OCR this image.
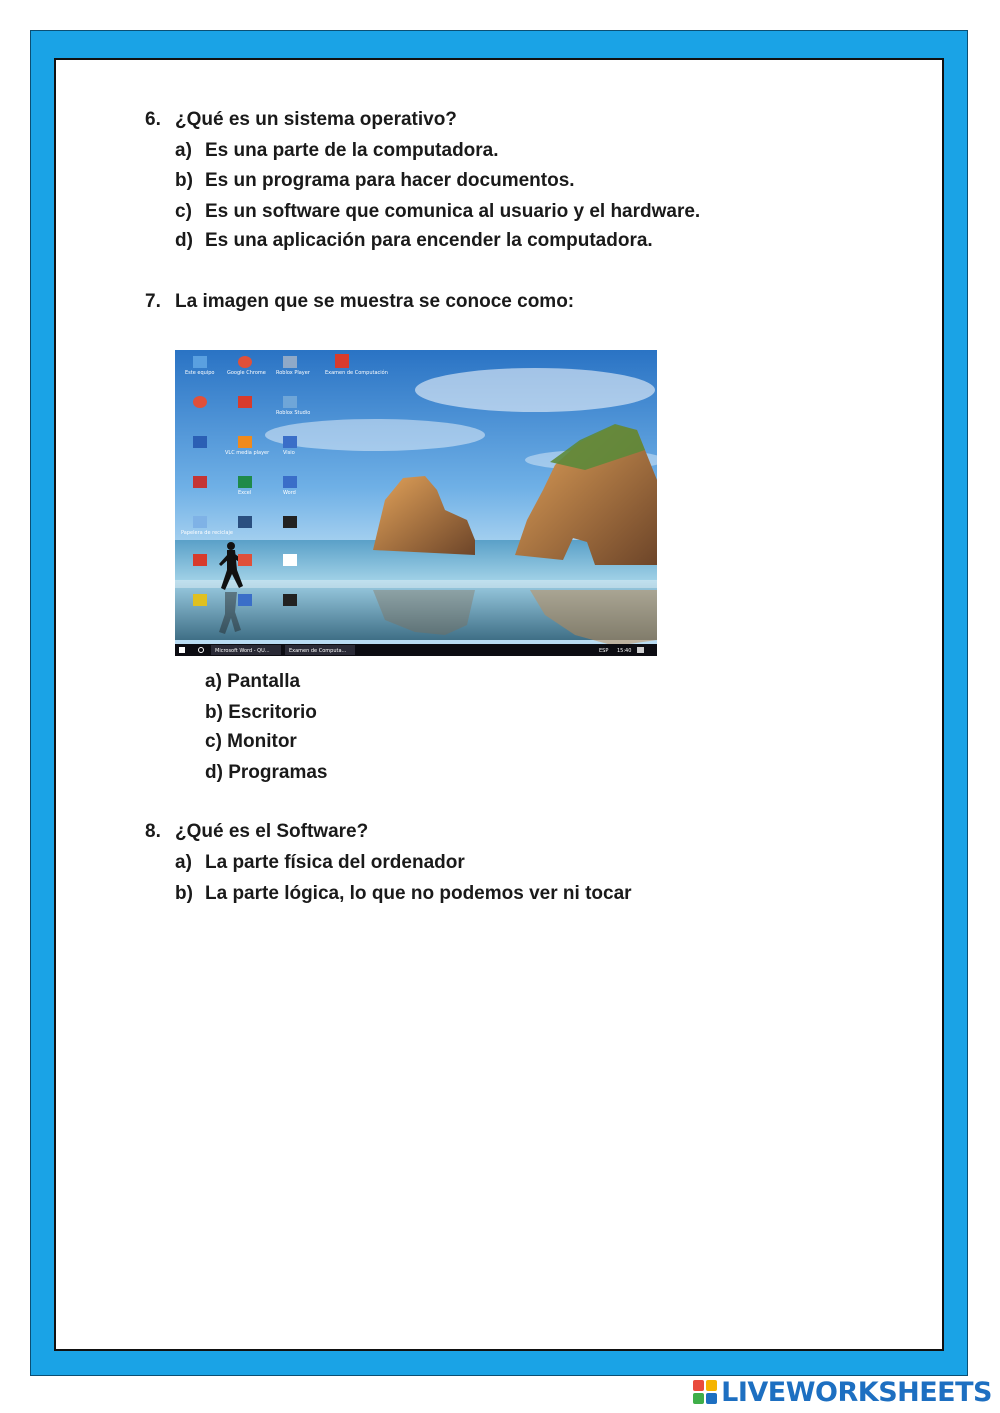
6. ¿Qué es un sistema operativo?
a) Es una parte de la computadora.
b) Es un programa para hacer documentos.
c) Es un software que comunica al usuario y el hardware.
d) Es una aplicación para encender la computadora.
7. La imagen que se muestra se conoce como:
Este equipo	Google Chrome Roblox Player	Examen de Computación
Papelera de reciclaje
Roblox Studio
VLC media player	Visio
Excel	Word
Microsoft Word - QU...	Examen de Computa...	ESP 15:40
a) Pantalla
b) Escritorio
c) Monitor
d) Programas
8. ¿Qué es el Software?
a) La parte física del ordenador
b) La parte lógica, lo que no podemos ver ni tocar
LIVEWORKSHEETS
